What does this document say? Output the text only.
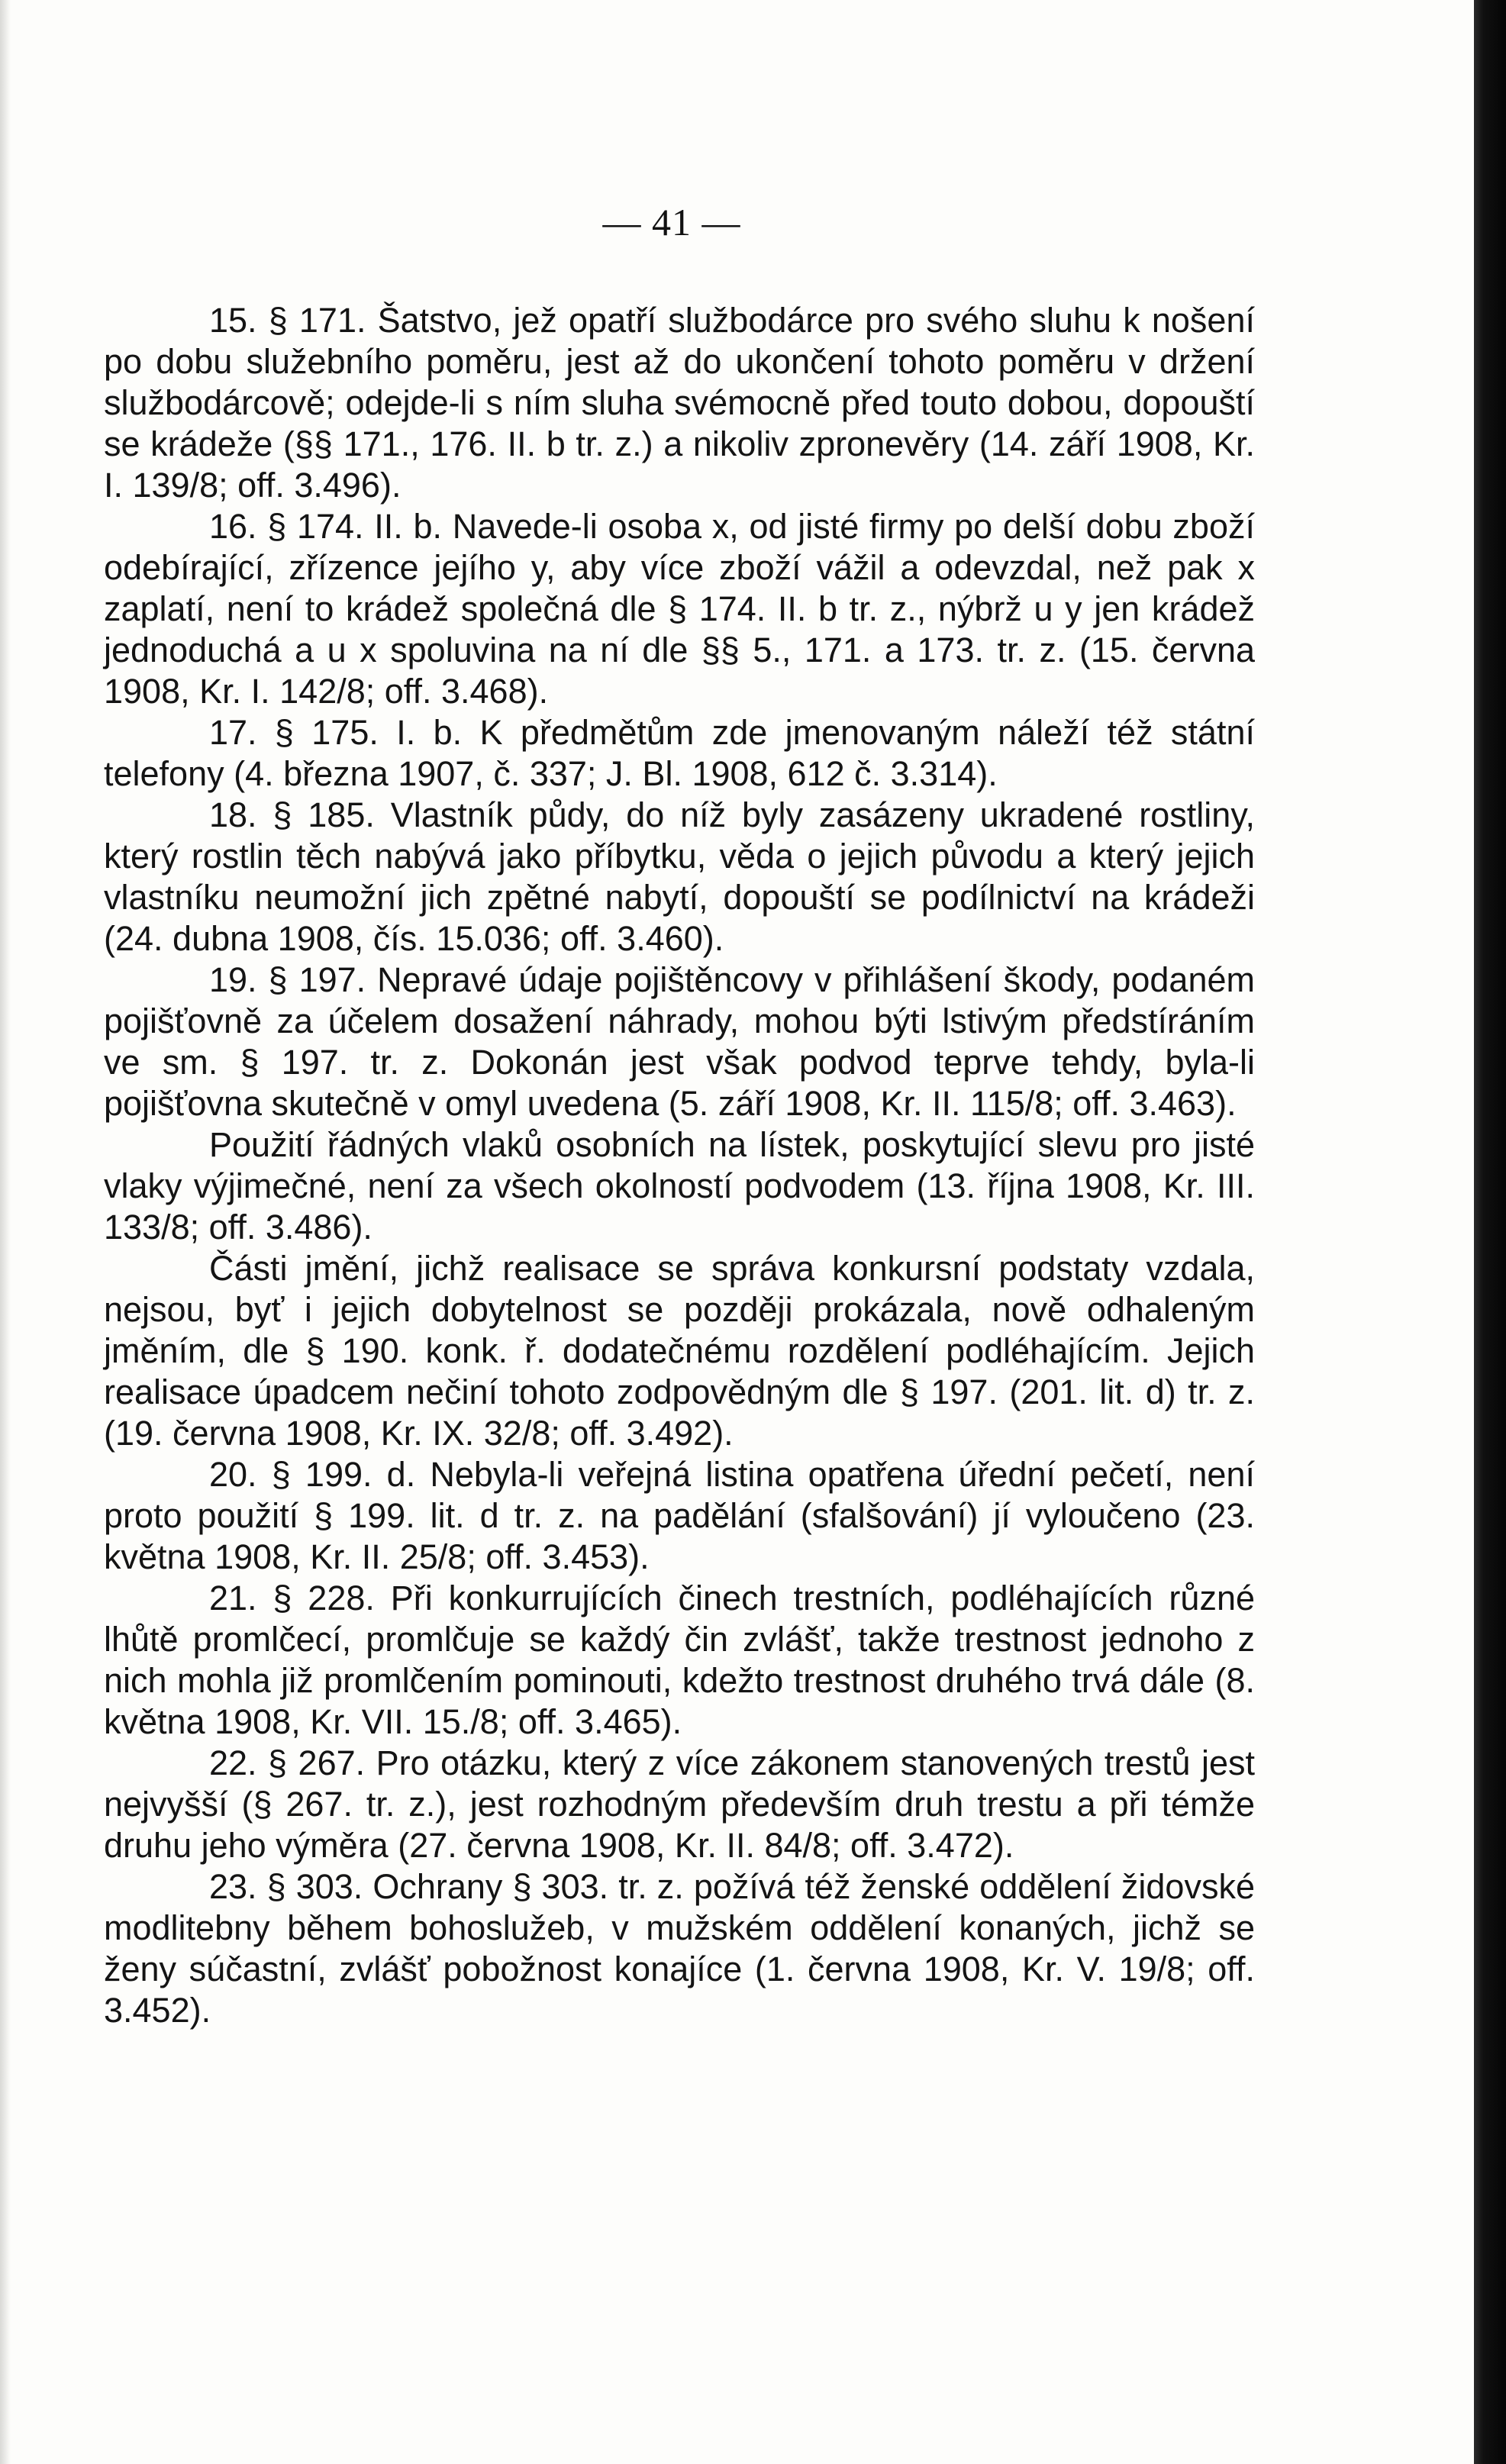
— 41 —

15. § 171. Šatstvo, jež opatří službodárce pro svého sluhu k nošení po dobu služebního poměru, jest až do ukončení tohoto poměru v držení službodárcově; odejde-li s ním sluha svémocně před touto dobou, dopouští se krádeže (§§ 171., 176. II. b tr. z.) a nikoliv zpronevěry (14. září 1908, Kr. I. 139/8; off. 3.496).

16. § 174. II. b. Navede-li osoba x, od jisté firmy po delší dobu zboží odebírající, zřízence jejího y, aby více zboží vážil a odevzdal, než pak x zaplatí, není to krádež společná dle § 174. II. b tr. z., nýbrž u y jen krádež jednoduchá a u x spoluvina na ní dle §§ 5., 171. a 173. tr. z. (15. června 1908, Kr. I. 142/8; off. 3.468).

17. § 175. I. b. K předmětům zde jmenovaným náleží též státní telefony (4. března 1907, č. 337; J. Bl. 1908, 612 č. 3.314).

18. § 185. Vlastník půdy, do níž byly zasázeny ukradené rostliny, který rostlin těch nabývá jako příbytku, věda o jejich původu a který jejich vlastníku neumožní jich zpětné nabytí, dopouští se podílnictví na krádeži (24. dubna 1908, čís. 15.036; off. 3.460).

19. § 197. Nepravé údaje pojištěncovy v přihlášení škody, podaném pojišťovně za účelem dosažení náhrady, mohou býti lstivým předstíráním ve sm. § 197. tr. z. Dokonán jest však podvod teprve tehdy, byla-li pojišťovna skutečně v omyl uvedena (5. září 1908, Kr. II. 115/8; off. 3.463).

Použití řádných vlaků osobních na lístek, poskytující slevu pro jisté vlaky výjimečné, není za všech okolností podvodem (13. října 1908, Kr. III. 133/8; off. 3.486).

Části jmění, jichž realisace se správa konkursní podstaty vzdala, nejsou, byť i jejich dobytelnost se později prokázala, nově odhaleným jměním, dle § 190. konk. ř. dodatečnému rozdělení podléhajícím. Jejich realisace úpadcem nečiní tohoto zodpovědným dle § 197. (201. lit. d) tr. z. (19. června 1908, Kr. IX. 32/8; off. 3.492).

20. § 199. d. Nebyla-li veřejná listina opatřena úřední pečetí, není proto použití § 199. lit. d tr. z. na padělání (sfalšování) jí vyloučeno (23. května 1908, Kr. II. 25/8; off. 3.453).

21. § 228. Při konkurrujících činech trestních, podléhajících různé lhůtě promlčecí, promlčuje se každý čin zvlášť, takže trestnost jednoho z nich mohla již promlčením pominouti, kdežto trestnost druhého trvá dále (8. května 1908, Kr. VII. 15./8; off. 3.465).

22. § 267. Pro otázku, který z více zákonem stanovených trestů jest nejvyšší (§ 267. tr. z.), jest rozhodným především druh trestu a při témže druhu jeho výměra (27. června 1908, Kr. II. 84/8; off. 3.472).

23. § 303. Ochrany § 303. tr. z. požívá též ženské oddělení židovské modlitebny během bohoslužeb, v mužském oddělení konaných, jichž se ženy súčastní, zvlášť pobožnost konajíce (1. června 1908, Kr. V. 19/8; off. 3.452).
